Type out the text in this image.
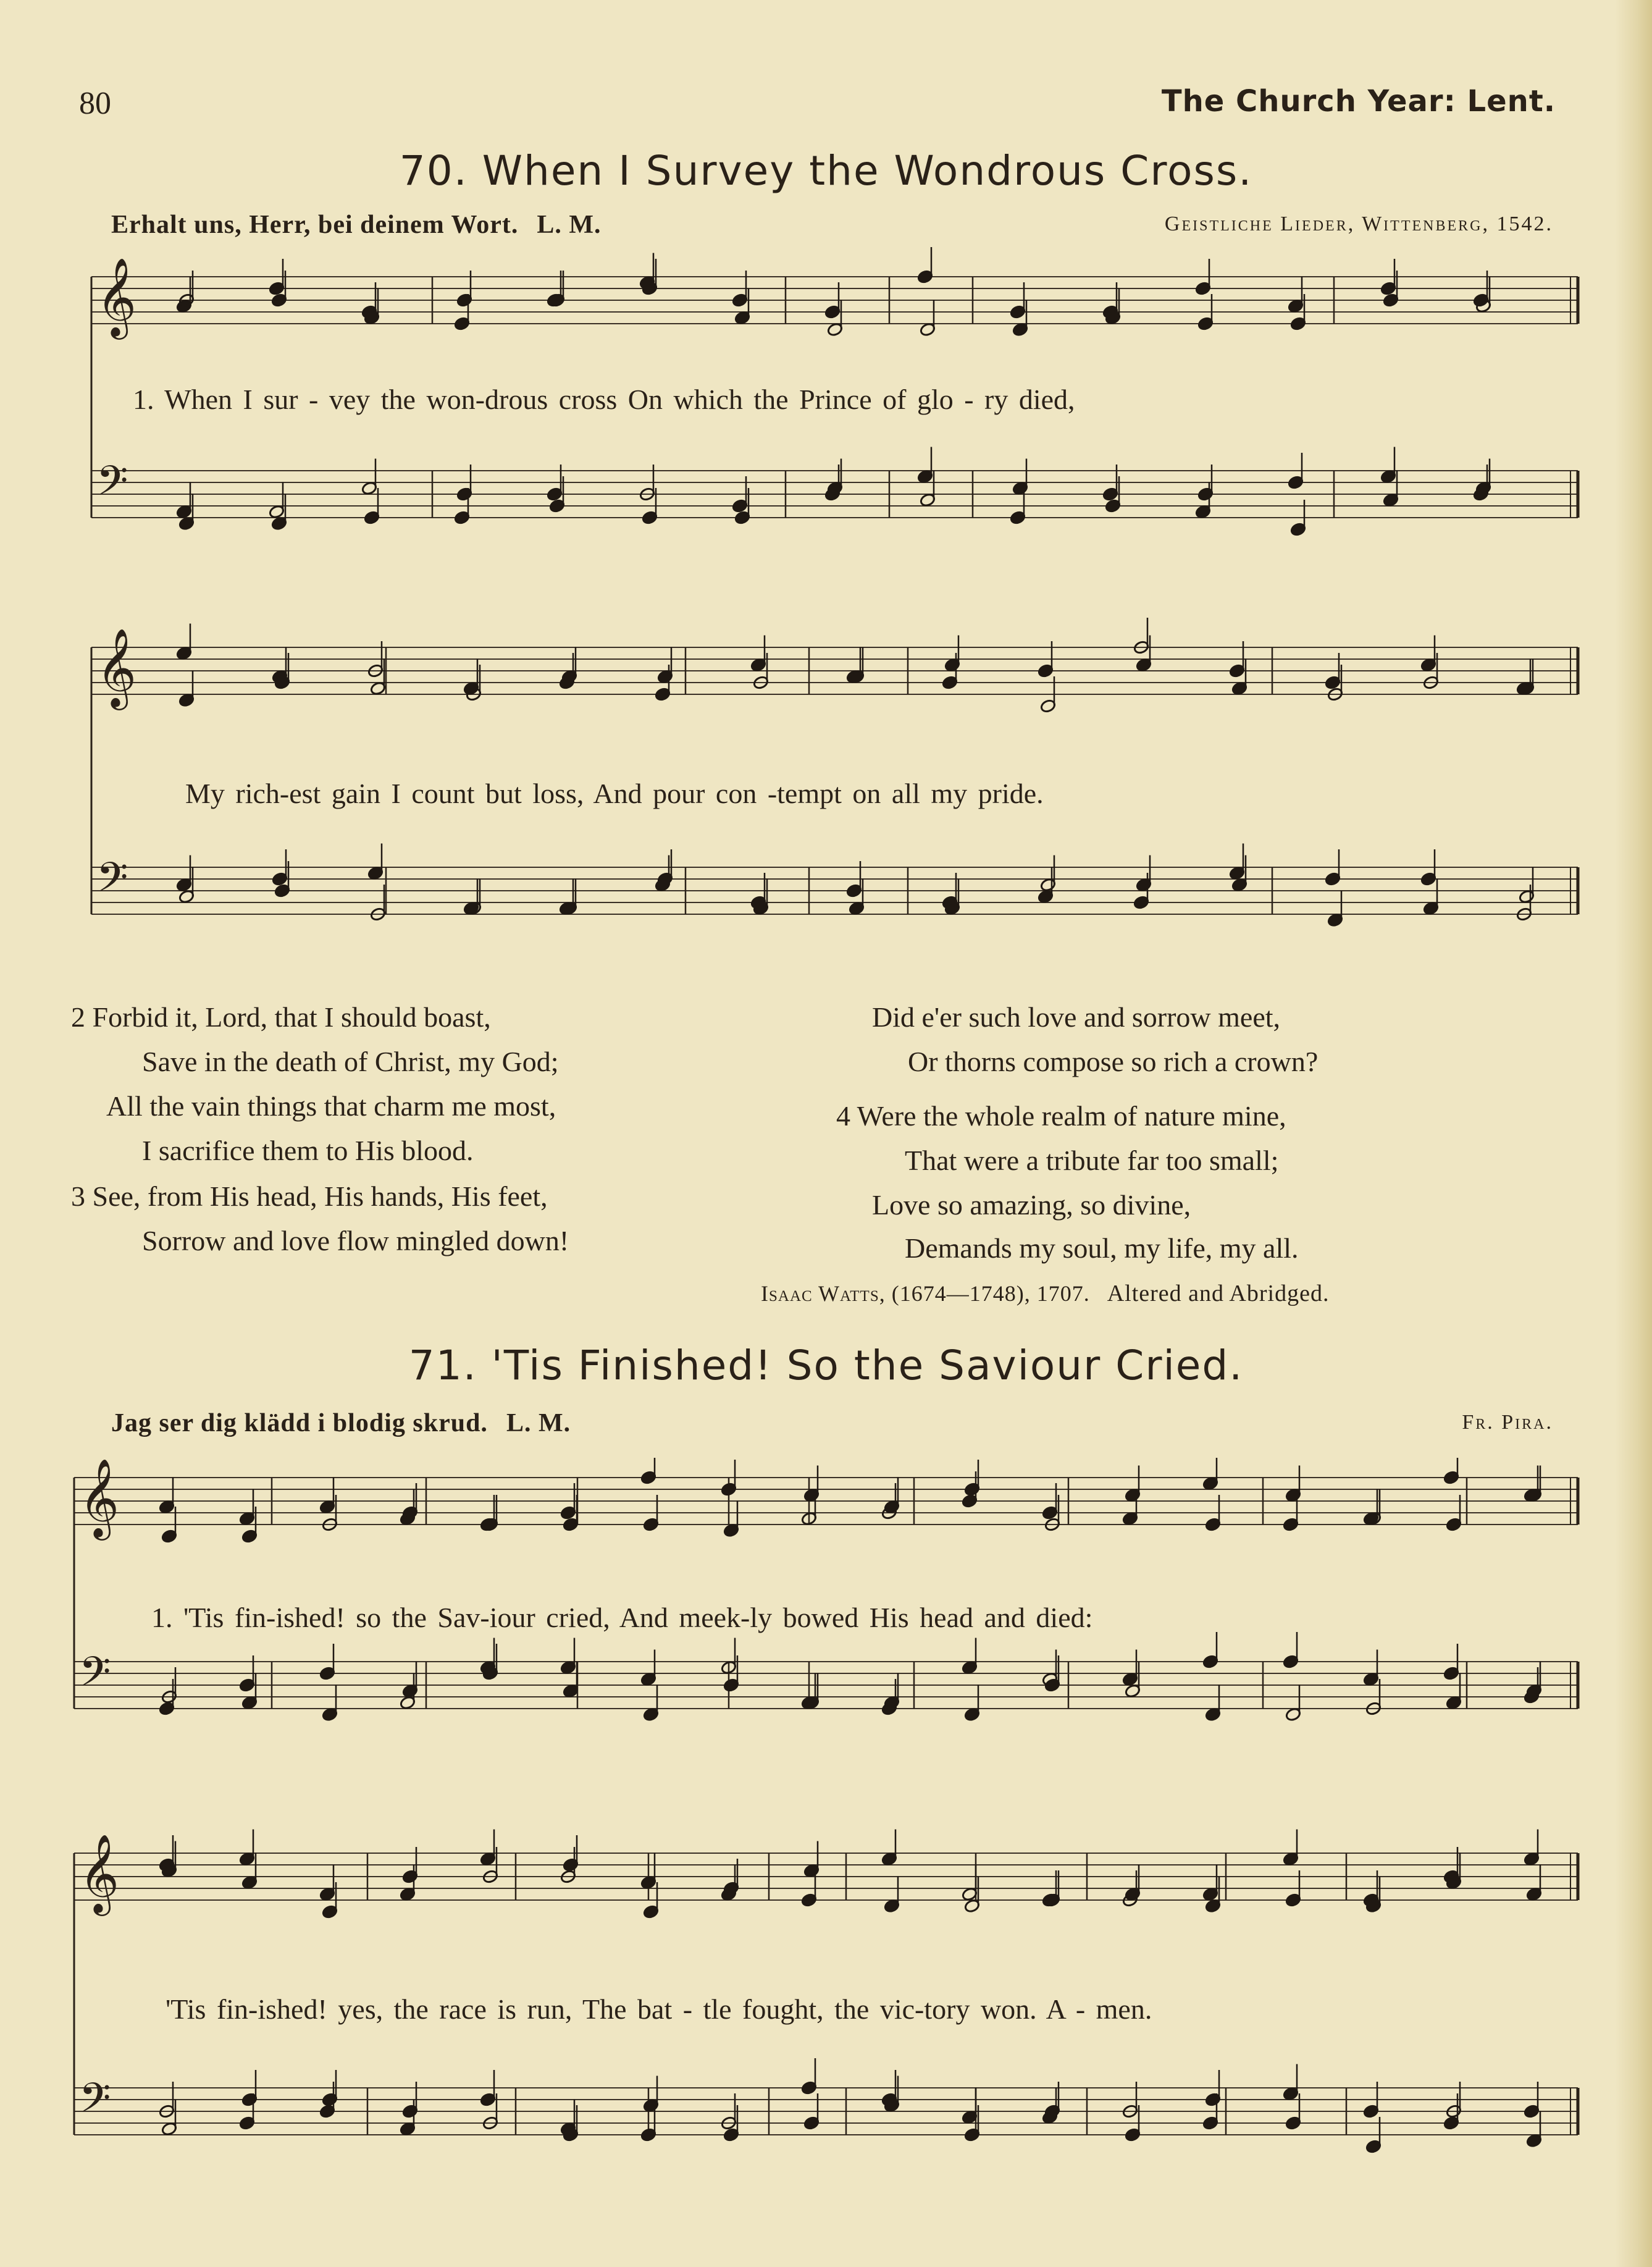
80	The Church Year: Lent.
70. When I Survey the Wondrous Cross.
Erhalt uns, Herr, bei deinem Wort. L. M.	Geistliche Lieder, Wittenberg, 1542.
𝄞
𝄢
1. When I sur - vey the won-drous cross On which the Prince of glo - ry died,
𝄞
𝄢
My rich-est gain I count but loss, And pour con -tempt on all my pride.
2 Forbid it, Lord, that I should boast,
Save in the death of Christ, my God;
All the vain things that charm me most,
I sacrifice them to His blood.
3 See, from His head, His hands, His feet,
Sorrow and love flow mingled down!
Did e'er such love and sorrow meet,
Or thorns compose so rich a crown?
4 Were the whole realm of nature mine,
That were a tribute far too small;
Love so amazing, so divine,
Demands my soul, my life, my all.
Isaac Watts, (1674—1748), 1707. Altered and Abridged.
71. 'Tis Finished! So the Saviour Cried.
Jag ser dig klädd i blodig skrud. L. M.	Fr. Pira.
𝄞
𝄢
1. 'Tis fin-ished! so the Sav-iour cried, And meek-ly bowed His head and died:
𝄞
𝄢
'Tis fin-ished! yes, the race is run, The bat - tle fought, the vic-tory won. A - men.
